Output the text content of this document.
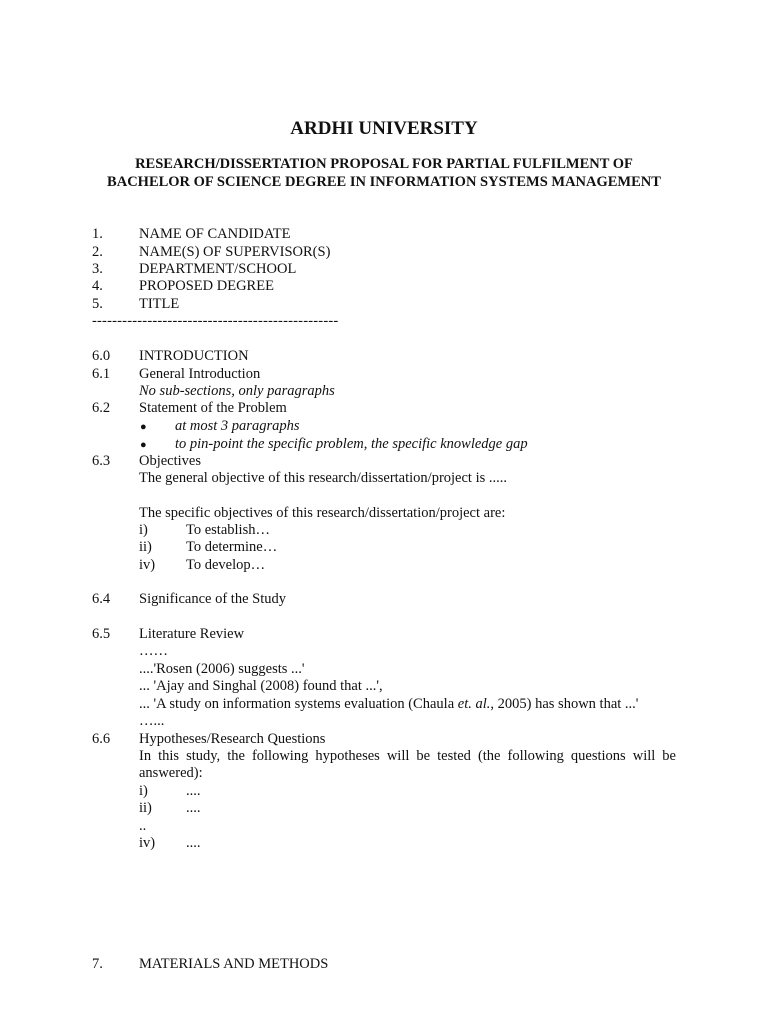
ARDHI UNIVERSITY
RESEARCH/DISSERTATION PROPOSAL FOR PARTIAL FULFILMENT OF BACHELOR OF SCIENCE DEGREE IN INFORMATION SYSTEMS MANAGEMENT
1. NAME OF CANDIDATE
2. NAME(S) OF SUPERVISOR(S)
3. DEPARTMENT/SCHOOL
4. PROPOSED DEGREE
5. TITLE
-------------------------------------------------
6.0 INTRODUCTION
6.1 General Introduction
No sub-sections, only paragraphs
6.2 Statement of the Problem
● at most 3 paragraphs
● to pin-point the specific problem, the specific knowledge gap
6.3 Objectives
The general objective of this research/dissertation/project is .....
The specific objectives of this research/dissertation/project are:
i)	To establish…
ii) To determine…
iv) To develop…
6.4 Significance of the Study
6.5 Literature Review
……
....'Rosen (2006) suggests ...'
... 'Ajay and Singhal (2008) found that ...',
... 'A study on information systems evaluation (Chaula et. al., 2005) has shown that ...'
…...
6.6 Hypotheses/Research Questions
In this study, the following hypotheses will be tested (the following questions will be answered):
i)	....
ii) ....
..
iv) ....
7. MATERIALS AND METHODS
